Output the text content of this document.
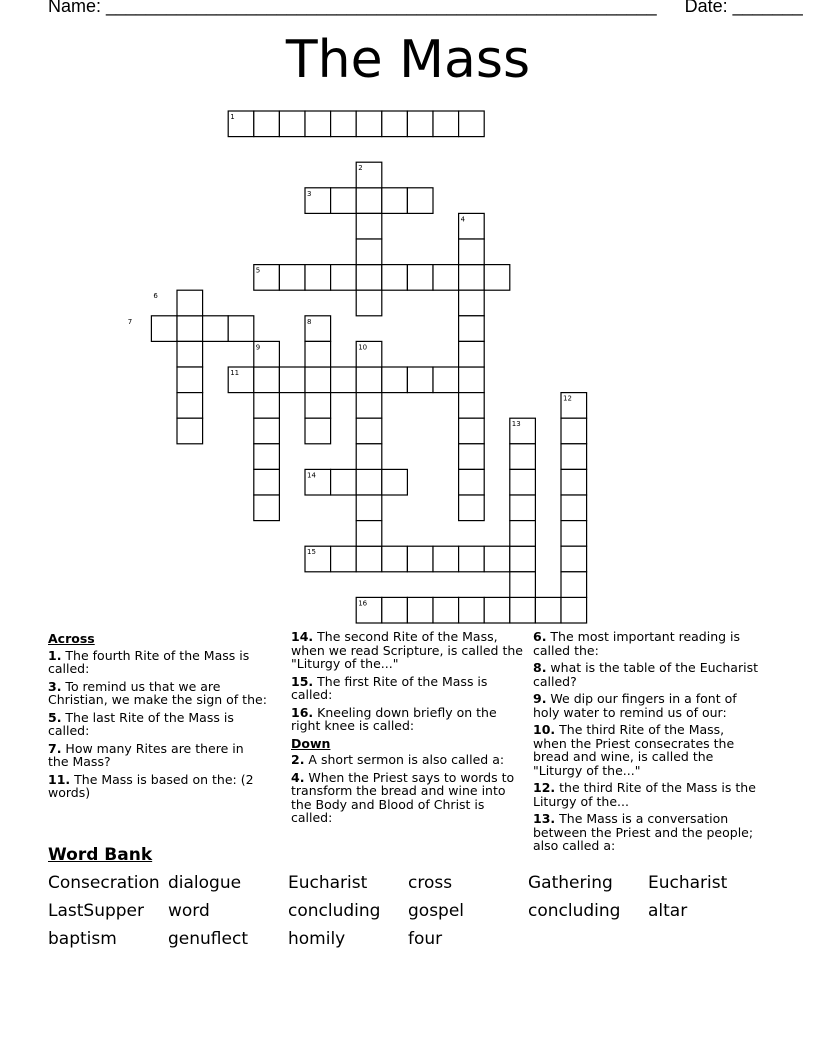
Name: _______________________________________________________ Date: _______
The Mass
1
2
3
4
5
6
7	8
9	10
11
12
13
14
15
16
Across
1. The fourth Rite of the Mass is called:
3. To remind us that we are Christian, we make the sign of the:
5. The last Rite of the Mass is called:
7. How many Rites are there in the Mass?
11. The Mass is based on the: (2 words)
14. The second Rite of the Mass, when we read Scripture, is called the "Liturgy of the..."
15. The first Rite of the Mass is called:
16. Kneeling down briefly on the right knee is called:
Down
2. A short sermon is also called a:
4. When the Priest says to words to transform the bread and wine into the Body and Blood of Christ is called:
6. The most important reading is called the:
8. what is the table of the Eucharist called?
9. We dip our fingers in a font of holy water to remind us of our:
10. The third Rite of the Mass, when the Priest consecrates the bread and wine, is called the "Liturgy of the..."
12. the third Rite of the Mass is the Liturgy of the...
13. The Mass is a conversation between the Priest and the people; also called a:
Word Bank
Consecration dialogue	Eucharist	cross	Gathering	Eucharist
LastSupper	word	concluding	gospel	concluding	altar
baptism	genuflect	homily	four
